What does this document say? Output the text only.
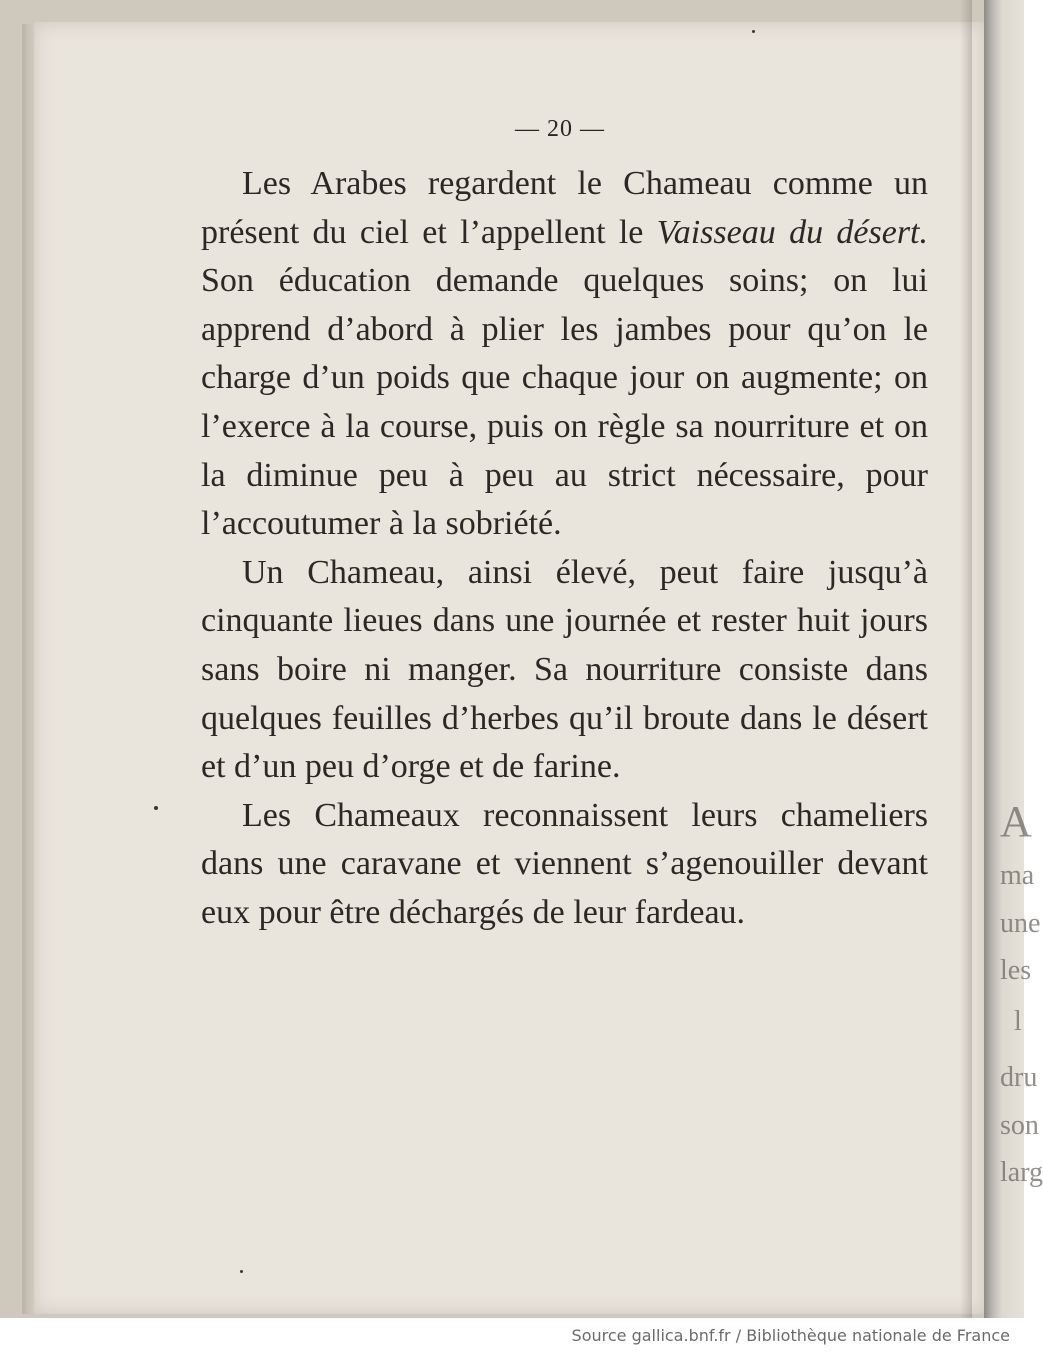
A
ma
une
les
l
dru
son
larg
— 20 —

Les Arabes regardent le Chameau comme un présent du ciel et l’appellent le Vaisseau du désert. Son éducation demande quelques soins; on lui apprend d’abord à plier les jambes pour qu’on le charge d’un poids que chaque jour on augmente; on l’exerce à la course, puis on règle sa nourriture et on la diminue peu à peu au strict nécessaire, pour l’accoutumer à la sobriété.

Un Chameau, ainsi élevé, peut faire jusqu’à cinquante lieues dans une journée et rester huit jours sans boire ni manger. Sa nourriture consiste dans quelques feuilles d’herbes qu’il broute dans le désert et d’un peu d’orge et de farine.

Les Chameaux reconnaissent leurs chameliers dans une caravane et viennent s’agenouiller devant eux pour être déchargés de leur fardeau.

Source gallica.bnf.fr / Bibliothèque nationale de France
